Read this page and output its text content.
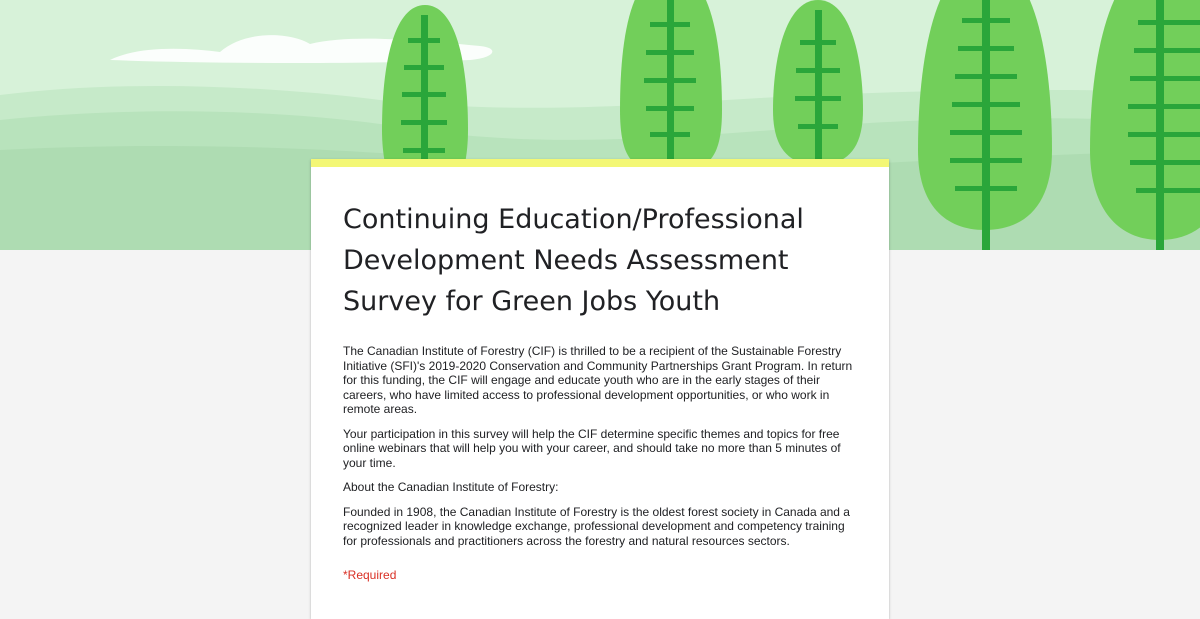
Continuing Education/Professional Development Needs Assessment Survey for Green Jobs Youth

The Canadian Institute of Forestry (CIF) is thrilled to be a recipient of the Sustainable Forestry Initiative (SFI)'s 2019-2020 Conservation and Community Partnerships Grant Program. In return for this funding, the CIF will engage and educate youth who are in the early stages of their careers, who have limited access to professional development opportunities, or who work in remote areas.

Your participation in this survey will help the CIF determine specific themes and topics for free online webinars that will help you with your career, and should take no more than 5 minutes of your time.

About the Canadian Institute of Forestry:

Founded in 1908, the Canadian Institute of Forestry is the oldest forest society in Canada and a recognized leader in knowledge exchange, professional development and competency training for professionals and practitioners across the forestry and natural resources sectors.

*Required
